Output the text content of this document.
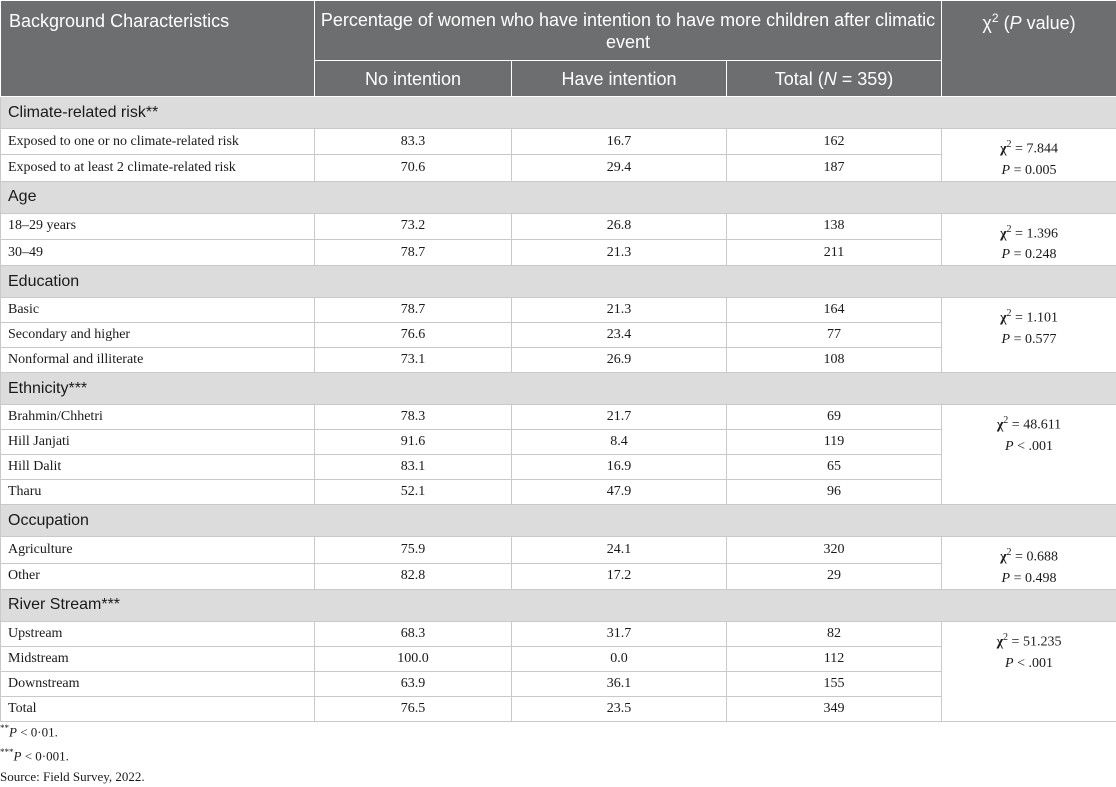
Background Characteristics	Percentage of women who have intention to have more children after climatic event			$\chi^2$ (P value)
	No intention	Have intention	Total (N = 359)	
Climate-related risk**				
Exposed to one or no climate-related risk	83.3	16.7	162	$\chi^2 = 7.844$
P = 0.005

Exposed to at least 2 climate-related risk	70.6	29.4	187	
Age				
18–29 years	73.2	26.8	138	$\chi^2 = 1.396$
P = 0.248

30–49	78.7	21.3	211	
Education				
Basic	78.7	21.3	164	$\chi^2 = 1.101$
P = 0.577

Secondary and higher	76.6	23.4	77	
Nonformal and illiterate	73.1	26.9	108	
Ethnicity***				
Brahmin/Chhetri	78.3	21.7	69	$\chi^2 = 48.611$
P < .001

Hill Janjati	91.6	8.4	119	
Hill Dalit	83.1	16.9	65	
Tharu	52.1	47.9	96	
Occupation				
Agriculture	75.9	24.1	320	$\chi^2 = 0.688$
P = 0.498

Other	82.8	17.2	29	
River Stream***				
Upstream	68.3	31.7	82	$\chi^2 = 51.235$
P < .001

Midstream	100.0	0.0	112	
Downstream	63.9	36.1	155	
Total	76.5	23.5	349	
**P < 0·01.
***P < 0·001.
Source: Field Survey, 2022.
